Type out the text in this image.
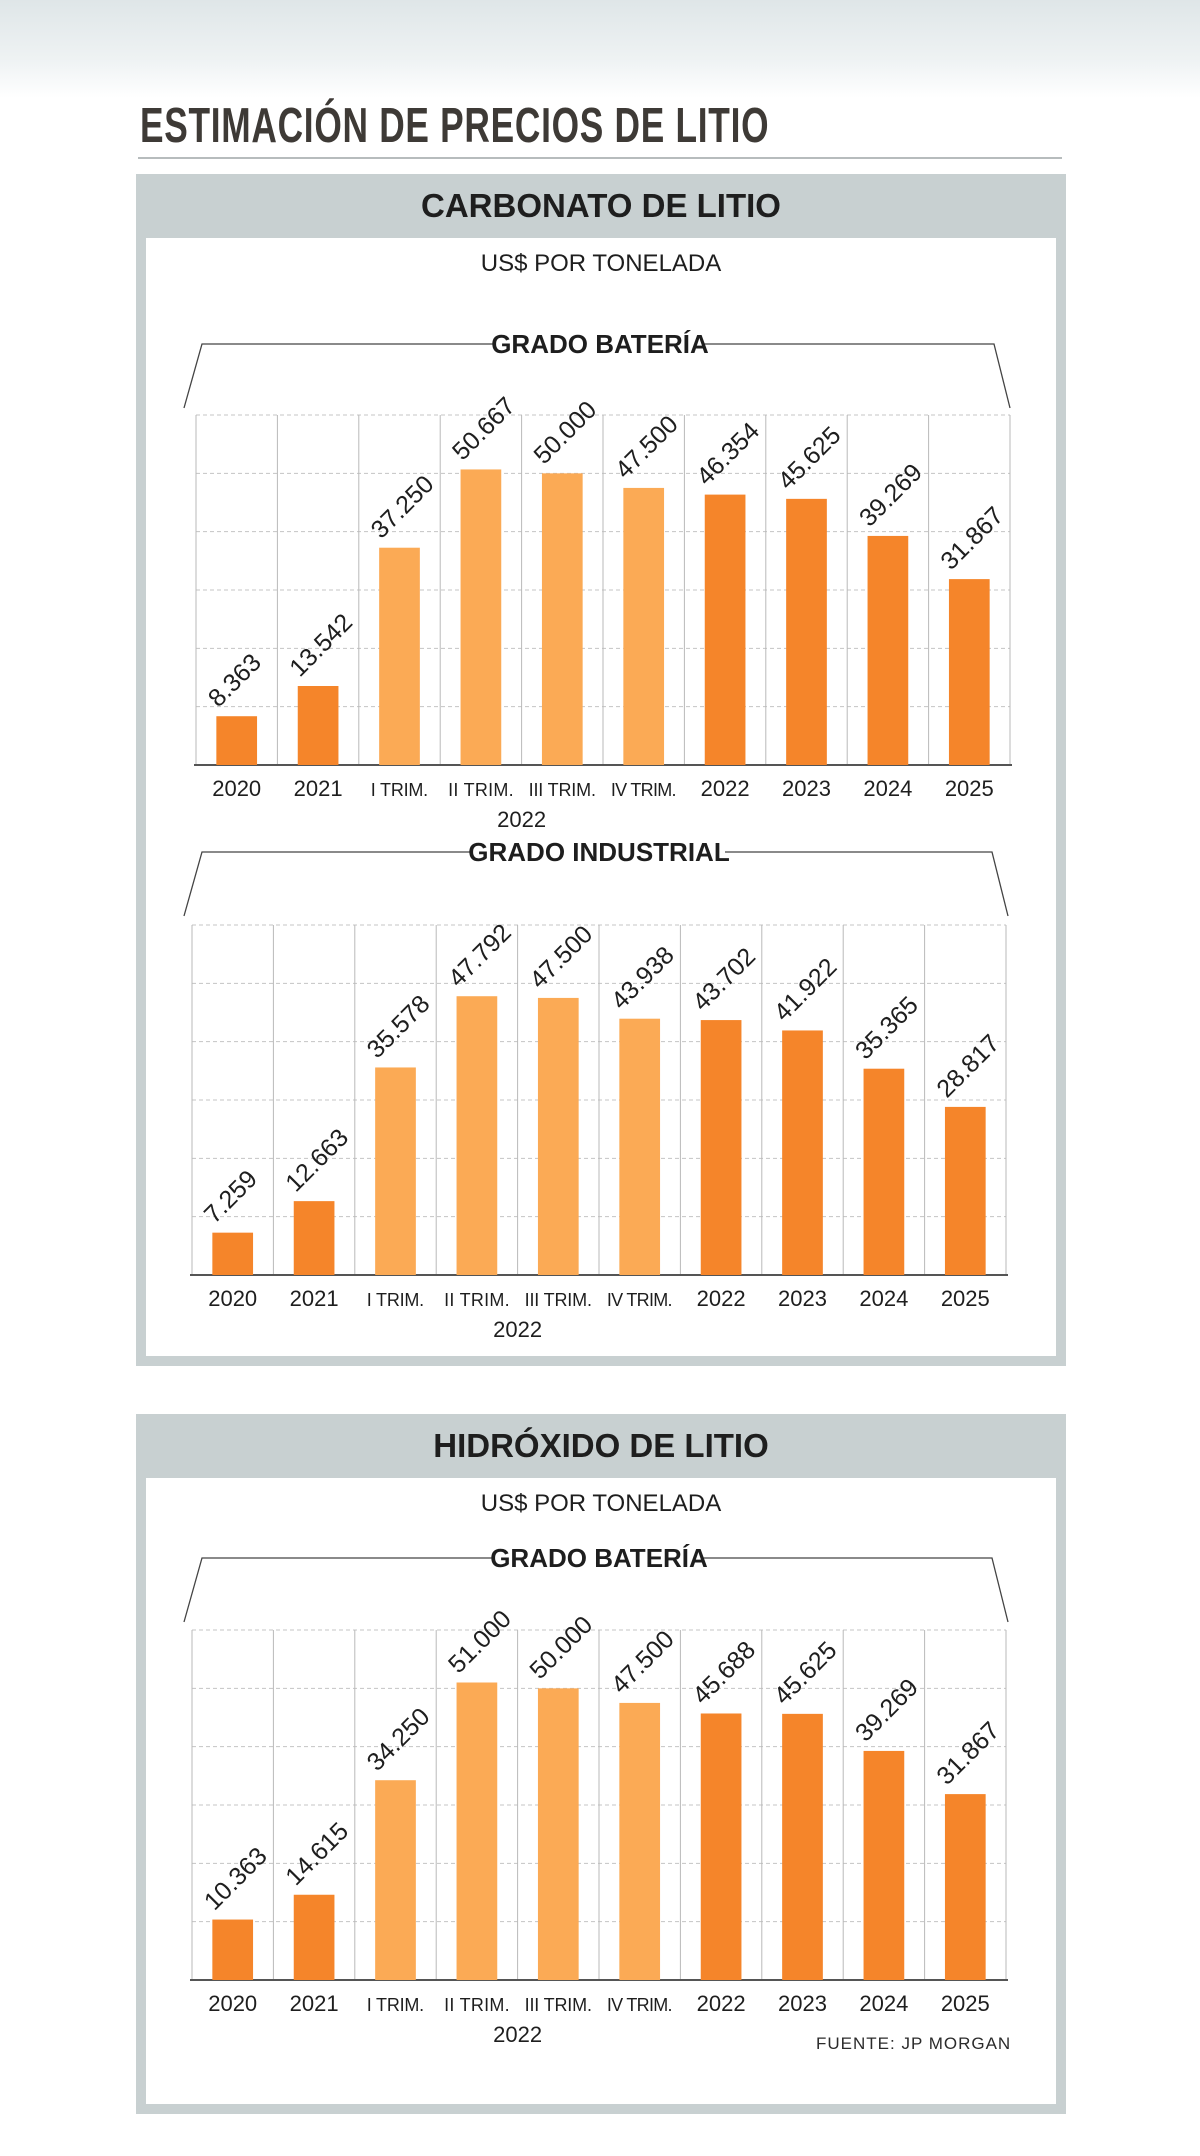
ESTIMACIÓN DE PRECIOS DE LITIO
CARBONATO DE LITIO
US$ POR TONELADA
HIDRÓXIDO DE LITIO
US$ POR TONELADA
GRADO BATERÍA
8.363
2020
13.542
2021
37.250
I TRIM.
50.667
II TRIM.
50.000
III TRIM.
47.500
IV TRIM.
46.354
2022
45.625
2023
39.269
2024
31.867
2025
2022
GRADO INDUSTRIAL
7.259
2020
12.663
2021
35.578
I TRIM.
47.792
II TRIM.
47.500
III TRIM.
43.938
IV TRIM.
43.702
2022
41.922
2023
35.365
2024
28.817
2025
2022
GRADO BATERÍA
10.363
2020
14.615
2021
34.250
I TRIM.
51.000
II TRIM.
50.000
III TRIM.
47.500
IV TRIM.
45.688
2022
45.625
2023
39.269
2024
31.867
2025
2022	FUENTE: JP MORGAN
